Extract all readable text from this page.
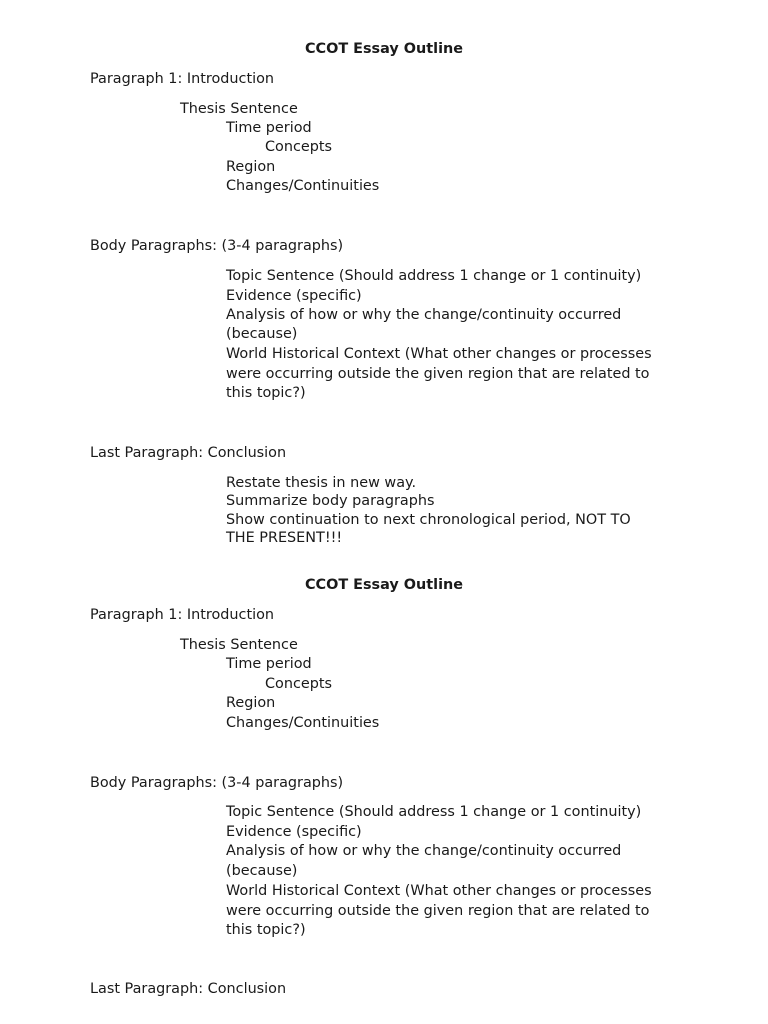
CCOT Essay Outline
Paragraph 1: Introduction
Thesis Sentence
Time period
Concepts
Region
Changes/Continuities
Body Paragraphs: (3-4 paragraphs)
Topic Sentence (Should address 1 change or 1 continuity)
Evidence (specific)
Analysis of how or why the change/continuity occurred
(because)
World Historical Context (What other changes or processes
were occurring outside the given region that are related to
this topic?)
Last Paragraph: Conclusion
Restate thesis in new way.
Summarize body paragraphs
Show continuation to next chronological period, NOT TO
THE PRESENT!!!
CCOT Essay Outline
Paragraph 1: Introduction
Thesis Sentence
Time period
Concepts
Region
Changes/Continuities
Body Paragraphs: (3-4 paragraphs)
Topic Sentence (Should address 1 change or 1 continuity)
Evidence (specific)
Analysis of how or why the change/continuity occurred
(because)
World Historical Context (What other changes or processes
were occurring outside the given region that are related to
this topic?)
Last Paragraph: Conclusion
